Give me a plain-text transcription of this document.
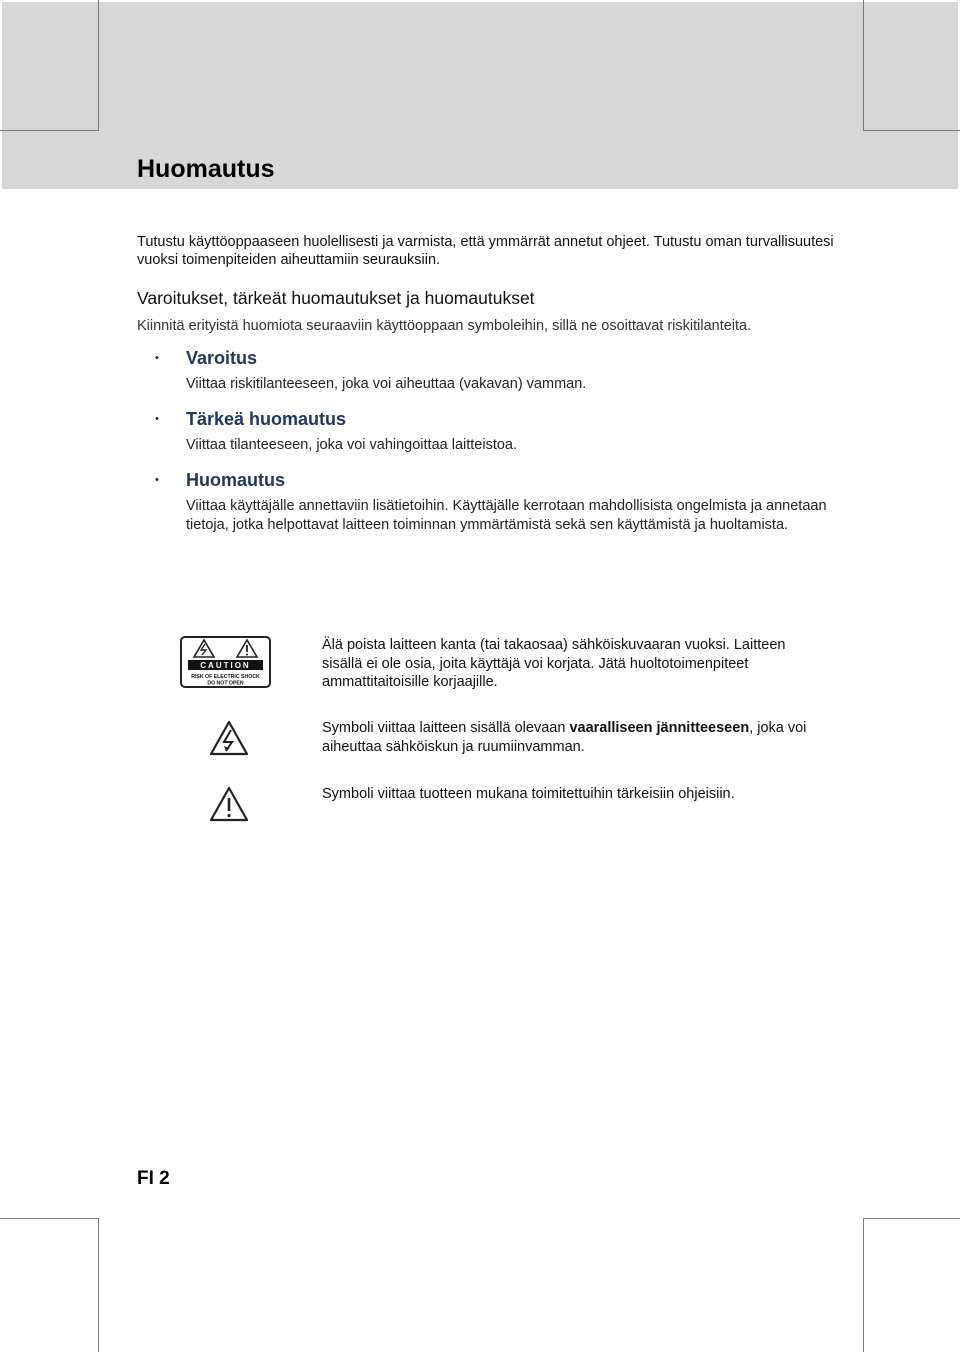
Huomautus

Tutustu käyttöoppaaseen huolellisesti ja varmista, että ymmärrät annetut ohjeet. Tutustu oman turvallisuutesi vuoksi toimenpiteiden aiheuttamiin seurauksiin.

Varoitukset, tärkeät huomautukset ja huomautukset

Kiinnitä erityistä huomiota seuraaviin käyttöoppaan symboleihin, sillä ne osoittavat riskitilanteita.

• Varoitus

Viittaa riskitilanteeseen, joka voi aiheuttaa (vakavan) vamman.

• Tärkeä huomautus

Viittaa tilanteeseen, joka voi vahingoittaa laitteistoa.

• Huomautus

Viittaa käyttäjälle annettaviin lisätietoihin. Käyttäjälle kerrotaan mahdollisista ongelmista ja annetaan tietoja, jotka helpottavat laitteen toiminnan ymmärtämistä sekä sen käyttämistä ja huoltamista.

CAUTION
RISK OF ELECTRIC SHOCK
DO NOT OPEN

Älä poista laitteen kanta (tai takaosaa) sähköiskuvaaran vuoksi. Laitteen sisällä ei ole osia, joita käyttäjä voi korjata. Jätä huoltotoimenpiteet ammattitaitoisille korjaajille.

Symboli viittaa laitteen sisällä olevaan vaaralliseen jännitteeseen, joka voi aiheuttaa sähköiskun ja ruumiinvamman.

Symboli viittaa tuotteen mukana toimitettuihin tärkeisiin ohjeisiin.

FI 2
